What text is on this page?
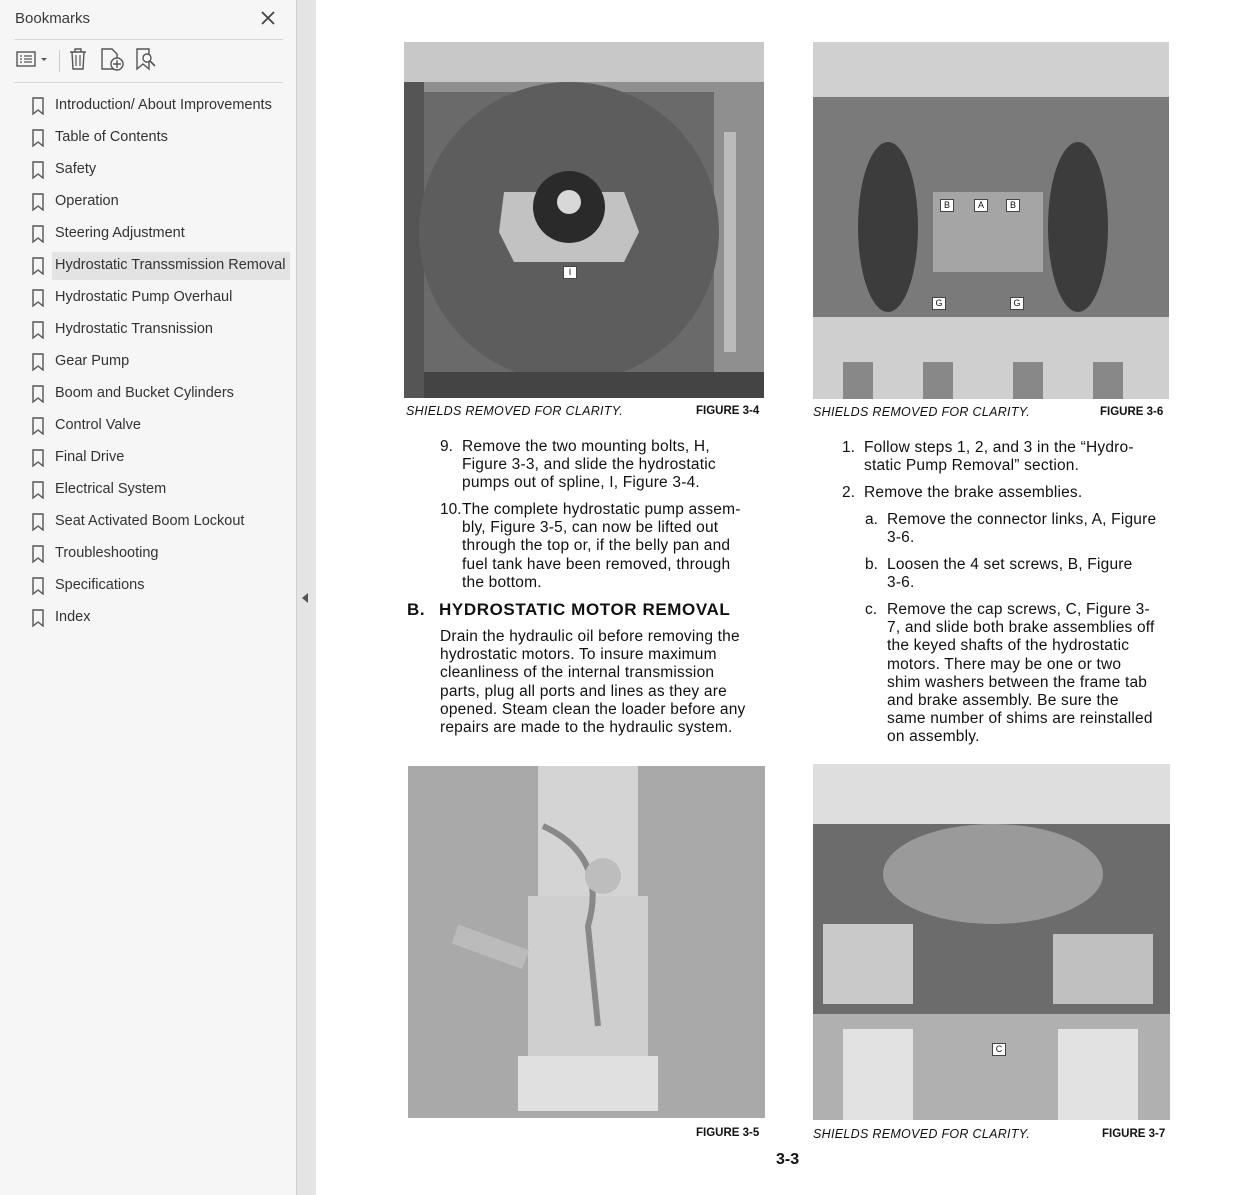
Bookmarks
Introduction/ About Improvements
Table of Contents
Safety
Operation
Steering Adjustment
Hydrostatic Transsmission Removal
Hydrostatic Pump Overhaul
Hydrostatic Transnission
Gear Pump
Boom and Bucket Cylinders
Control Valve
Final Drive
Electrical System
Seat Activated Boom Lockout
Troubleshooting
Specifications
Index
I
SHIELDS REMOVED FOR CLARITY.	FIGURE 3-4
B	A	B
G	G
SHIELDS REMOVED FOR CLARITY.	FIGURE 3-6
9. Remove the two mounting bolts, H,
Figure 3-3, and slide the hydrostatic
pumps out of spline, I, Figure 3-4.
10. The complete hydrostatic pump assem-
bly, Figure 3-5, can now be lifted out
through the top or, if the belly pan and
fuel tank have been removed, through
the bottom.
B. HYDROSTATIC MOTOR REMOVAL
Drain the hydraulic oil before removing the
hydrostatic motors. To insure maximum
cleanliness of the internal transmission
parts, plug all ports and lines as they are
opened. Steam clean the loader before any
repairs are made to the hydraulic system.
1. Follow steps 1, 2, and 3 in the “Hydro-
static Pump Removal” section.
2. Remove the brake assemblies.
a. Remove the connector links, A, Figure
3-6.
b. Loosen the 4 set screws, B, Figure
3-6.
c. Remove the cap screws, C, Figure 3-
7, and slide both brake assemblies off
the keyed shafts of the hydrostatic
motors. There may be one or two
shim washers between the frame tab
and brake assembly. Be sure the
same number of shims are reinstalled
on assembly.
FIGURE 3-5
C
SHIELDS REMOVED FOR CLARITY.	FIGURE 3-7
3-3
